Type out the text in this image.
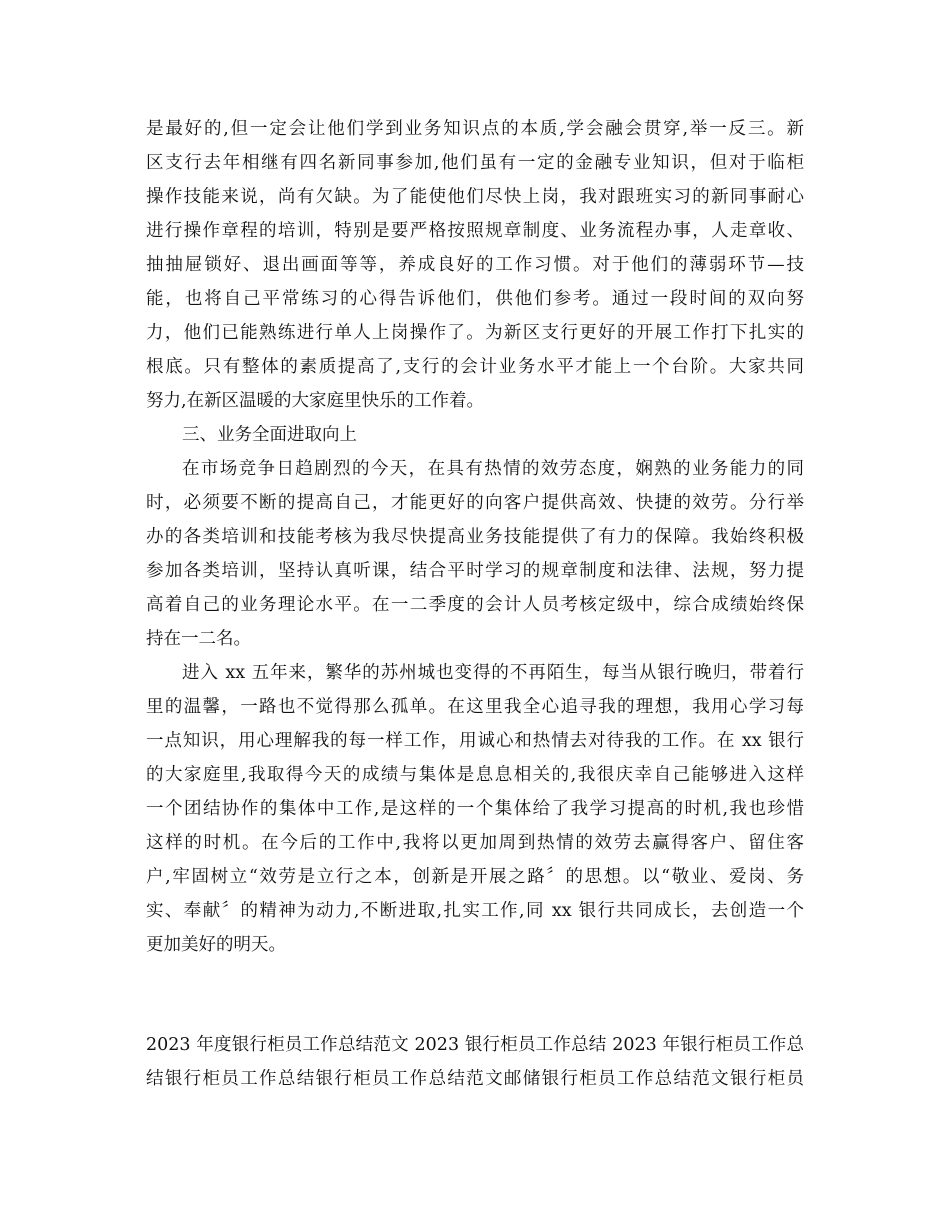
是最好的,但一定会让他们学到业务知识点的本质,学会融会贯穿,举一反三。新
区支行去年相继有四名新同事参加,他们虽有一定的金融专业知识，但对于临柜
操作技能来说，尚有欠缺。为了能使他们尽快上岗，我对跟班实习的新同事耐心
进行操作章程的培训，特别是要严格按照规章制度、业务流程办事，人走章收、
抽抽屉锁好、退出画面等等，养成良好的工作习惯。对于他们的薄弱环节—技
能，也将自己平常练习的心得告诉他们，供他们参考。通过一段时间的双向努
力，他们已能熟练进行单人上岗操作了。为新区支行更好的开展工作打下扎实的
根底。只有整体的素质提高了,支行的会计业务水平才能上一个台阶。大家共同
努力,在新区温暖的大家庭里快乐的工作着。
三、业务全面进取向上
在市场竞争日趋剧烈的今天，在具有热情的效劳态度，娴熟的业务能力的同
时，必须要不断的提高自己，才能更好的向客户提供高效、快捷的效劳。分行举
办的各类培训和技能考核为我尽快提高业务技能提供了有力的保障。我始终积极
参加各类培训，坚持认真听课，结合平时学习的规章制度和法律、法规，努力提
高着自己的业务理论水平。在一二季度的会计人员考核定级中，综合成绩始终保
持在一二名。
进入 xx 五年来，繁华的苏州城也变得的不再陌生，每当从银行晚归，带着行
里的温馨，一路也不觉得那么孤单。在这里我全心追寻我的理想，我用心学习每
一点知识，用心理解我的每一样工作，用诚心和热情去对待我的工作。在 xx 银行
的大家庭里,我取得今天的成绩与集体是息息相关的,我很庆幸自己能够进入这样
一个团结协作的集体中工作,是这样的一个集体给了我学习提高的时机,我也珍惜
这样的时机。在今后的工作中,我将以更加周到热情的效劳去赢得客户、留住客
户,牢固树立“效劳是立行之本，创新是开展之路〞的思想。以“敬业、爱岗、务
实、奉献〞的精神为动力,不断进取,扎实工作,同 xx 银行共同成长，去创造一个
更加美好的明天。
2023 年度银行柜员工作总结范文 2023 银行柜员工作总结 2023 年银行柜员工作总
结银行柜员工作总结银行柜员工作总结范文邮储银行柜员工作总结范文银行柜员
